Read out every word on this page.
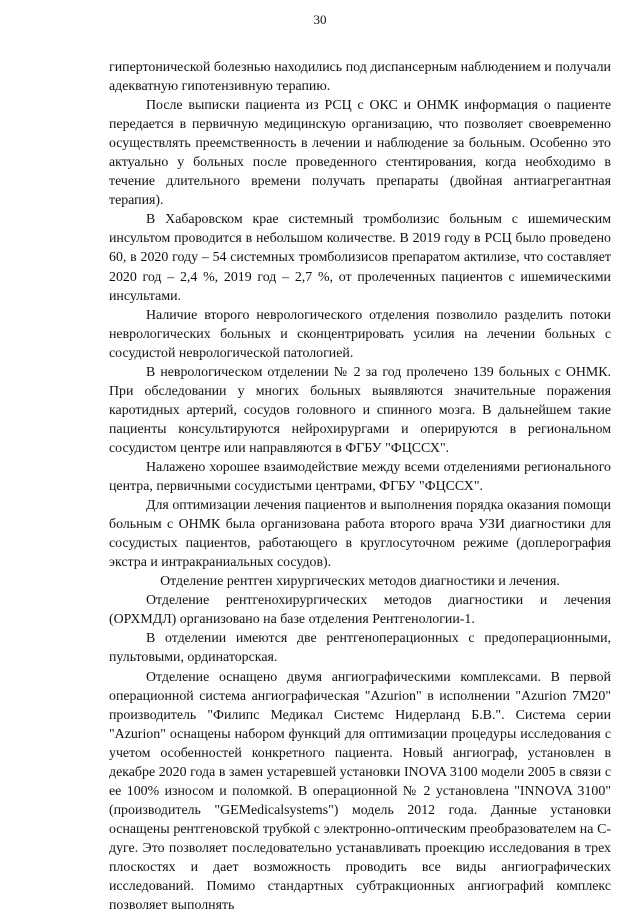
30

гипертонической болезнью находились под диспансерным наблюдением и получали адекватную гипотензивную терапию.

После выписки пациента из РСЦ с ОКС и ОНМК информация о пациенте передается в первичную медицинскую организацию, что позволяет своевременно осуществлять преемственность в лечении и наблюдение за больным. Особенно это актуально у больных после проведенного стентирования, когда необходимо в течение длительного времени получать препараты (двойная антиагрегантная терапия).

В Хабаровском крае системный тромболизис больным с ишемическим инсультом проводится в небольшом количестве. В 2019 году в РСЦ было проведено 60, в 2020 году – 54 системных тромболизисов препаратом актилизе, что составляет 2020 год – 2,4 %, 2019 год – 2,7 %, от пролеченных пациентов с ишемическими инсультами.

Наличие второго неврологического отделения позволило разделить потоки неврологических больных и сконцентрировать усилия на лечении больных с сосудистой неврологической патологией.

В неврологическом отделении № 2 за год пролечено 139 больных с ОНМК. При обследовании у многих больных выявляются значительные поражения каротидных артерий, сосудов головного и спинного мозга. В дальнейшем такие пациенты консультируются нейрохирургами и оперируются в региональном сосудистом центре или направляются в ФГБУ "ФЦССХ".

Налажено хорошее взаимодействие между всеми отделениями регионального центра, первичными сосудистыми центрами, ФГБУ "ФЦССХ".

Для оптимизации лечения пациентов и выполнения порядка оказания помощи больным с ОНМК была организована работа второго врача УЗИ диагностики для сосудистых пациентов, работающего в круглосуточном режиме (доплерография экстра и интракраниальных сосудов).

Отделение рентген хирургических методов диагностики и лечения.

Отделение рентгенохирургических методов диагностики и лечения (ОРХМДЛ) организовано на базе отделения Рентгенологии-1.

В отделении имеются две рентгеноперационных с предоперационными, пультовыми, ординаторская.

Отделение оснащено двумя ангиографическими комплексами. В первой операционной система ангиографическая "Azurion" в исполнении "Azurion 7M20" производитель "Филипс Медикал Системс Нидерланд Б.В.". Система серии "Azurion" оснащены набором функций для оптимизации процедуры исследования с учетом особенностей конкретного пациента. Новый ангиограф, установлен в декабре 2020 года в замен устаревшей установки INOVA 3100 модели 2005 в связи с ее 100% износом и поломкой. В операционной № 2 установлена "INNOVA 3100" (производитель "GEMedicalsystems") модель 2012 года. Данные установки оснащены рентгеновской трубкой с электронно-оптическим преобразователем на С-дуге. Это позволяет последовательно устанавливать проекцию исследования в трех плоскостях и дает возможность проводить все виды ангиографических исследований. Помимо стандартных субтракционных ангиографий комплекс позволяет выполнять
